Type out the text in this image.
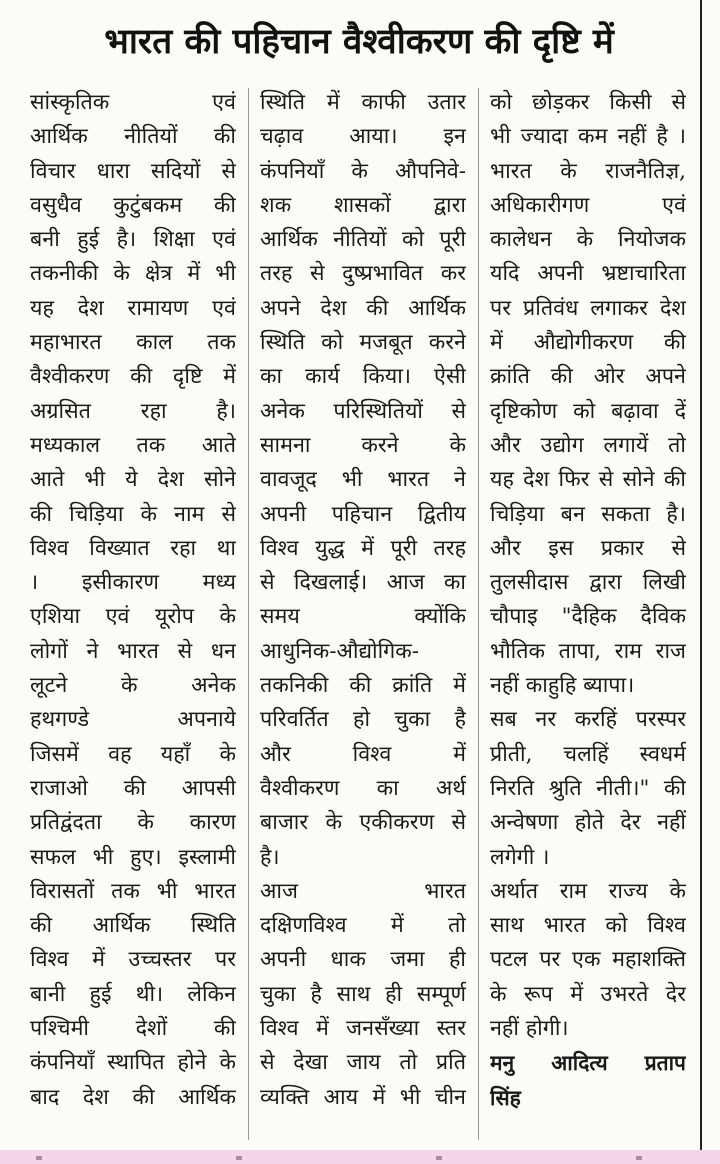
भारत की पहिचान वैश्वीकरण की दृष्टि में
सांस्कृतिक एवं
आर्थिक नीतियों की
विचार धारा सदियों से
वसुधैव कुटुंबकम की
बनी हुई है। शिक्षा एवं
तकनीकी के क्षेत्र में भी
यह देश रामायण एवं
महाभारत काल तक
वैश्वीकरण की दृष्टि में
अग्रसित रहा है।
मध्यकाल तक आते
आते भी ये देश सोने
की चिड़िया के नाम से
विश्व विख्यात रहा था
। इसीकारण मध्य
एशिया एवं यूरोप के
लोगों ने भारत से धन
लूटने के अनेक
हथगण्डे अपनाये
जिसमें वह यहाँ के
राजाओ की आपसी
प्रतिद्वंदता के कारण
सफल भी हुए। इस्लामी
विरासतों तक भी भारत
की आर्थिक स्थिति
विश्व में उच्चस्तर पर
बानी हुई थी। लेकिन
पश्चिमी देशों की
कंपनियाँ स्थापित होने के
बाद देश की आर्थिक
स्थिति में काफी उतार
चढ़ाव आया। इन
कंपनियाँ के औपनिवे-
शक शासकों द्वारा
आर्थिक नीतियों को पूरी
तरह से दुष्प्रभावित कर
अपने देश की आर्थिक
स्थिति को मजबूत करने
का कार्य किया। ऐसी
अनेक परिस्थितियों से
सामना करने के
वावजूद भी भारत ने
अपनी पहिचान द्वितीय
विश्व युद्ध में पूरी तरह
से दिखलाई। आज का
समय क्योंकि
आधुनिक-औद्योगिक-
तकनिकी की क्रांति में
परिवर्तित हो चुका है
और विश्व में
वैश्वीकरण का अर्थ
बाजार के एकीकरण से
है।
आज भारत
दक्षिणविश्व में तो
अपनी धाक जमा ही
चुका है साथ ही सम्पूर्ण
विश्व में जनसँख्या स्तर
से देखा जाय तो प्रति
व्यक्ति आय में भी चीन
को छोड़कर किसी से
भी ज्यादा कम नहीं है ।
भारत के राजनैतिज्ञ,
अधिकारीगण एवं
कालेधन के नियोजक
यदि अपनी भ्रष्टाचारिता
पर प्रतिवंध लगाकर देश
में औद्योगीकरण की
क्रांति की ओर अपने
दृष्टिकोण को बढ़ावा दें
और उद्योग लगायें तो
यह देश फिर से सोने की
चिड़िया बन सकता है।
और इस प्रकार से
तुलसीदास द्वारा लिखी
चौपाइ "दैहिक दैविक
भौतिक तापा, राम राज
नहीं काहुहि ब्यापा।
सब नर करहिं परस्पर
प्रीती, चलहिं स्वधर्म
निरति श्रुति नीती।" की
अन्वेषणा होते देर नहीं
लगेगी ।
अर्थात राम राज्य के
साथ भारत को विश्व
पटल पर एक महाशक्ति
के रूप में उभरते देर
नहीं होगी।
मनु आदित्य प्रताप
सिंह
